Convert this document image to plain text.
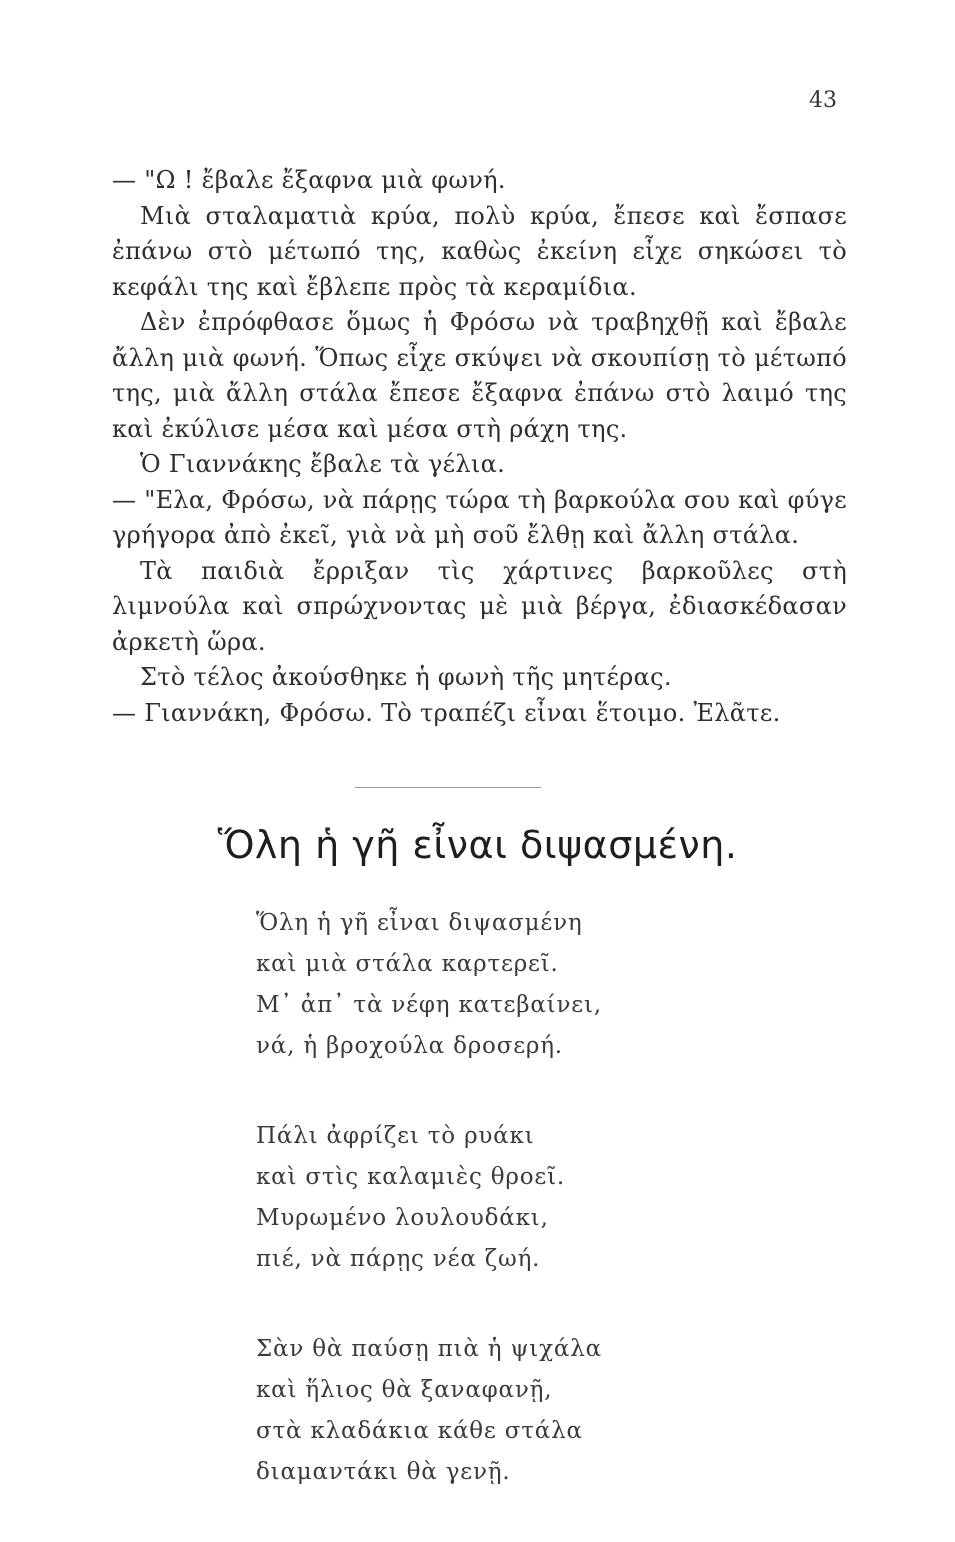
43

— "Ω ! ἔβαλε ἔξαφνα μιὰ φωνή.

Μιὰ σταλαματιὰ κρύα, πολὺ κρύα, ἔπεσε καὶ ἔσπασε ἐπάνω στὸ μέτωπό της, καθὼς ἐκείνη εἶχε σηκώσει τὸ κεφάλι της καὶ ἔβλεπε πρὸς τὰ κεραμίδια.

Δὲν ἐπρόφθασε ὅμως ἡ Φρόσω νὰ τραβηχθῇ καὶ ἔβαλε ἄλλη μιὰ φωνή. Ὅπως εἶχε σκύψει νὰ σκουπίσῃ τὸ μέτωπό της, μιὰ ἄλλη στάλα ἔπεσε ἔξαφνα ἐπάνω στὸ λαιμό της καὶ ἐκύλισε μέσα καὶ μέσα στὴ ράχη της.

Ὁ Γιαννάκης ἔβαλε τὰ γέλια.

— "Ελα, Φρόσω, νὰ πάρῃς τώρα τὴ βαρκούλα σου καὶ φύγε γρήγορα ἀπὸ ἐκεῖ, γιὰ νὰ μὴ σοῦ ἔλθῃ καὶ ἄλλη στάλα.

Τὰ παιδιὰ ἔρριξαν τὶς χάρτινες βαρκοῦλες στὴ λιμνούλα καὶ σπρώχνοντας μὲ μιὰ βέργα, ἐδιασκέδασαν ἀρκετὴ ὥρα.

Στὸ τέλος ἀκούσθηκε ἡ φωνὴ τῆς μητέρας.

— Γιαννάκη, Φρόσω. Τὸ τραπέζι εἶναι ἕτοιμο. Ἐλᾶτε.

Ὅλη ἡ γῆ εἶναι διψασμένη.
Ὅλη ἡ γῆ εἶναι διψασμένη
καὶ μιὰ στάλα καρτερεῖ.
Μ᾽ ἀπ᾽ τὰ νέφη κατεβαίνει,
νά, ἡ βροχούλα δροσερή.
Πάλι ἀφρίζει τὸ ρυάκι
καὶ στὶς καλαμιὲς θροεῖ.
Μυρωμένο λουλουδάκι,
πιέ, νὰ πάρῃς νέα ζωή.
Σὰν θὰ παύσῃ πιὰ ἡ ψιχάλα
καὶ ἥλιος θὰ ξαναφανῇ,
στὰ κλαδάκια κάθε στάλα
διαμαντάκι θὰ γενῇ.
